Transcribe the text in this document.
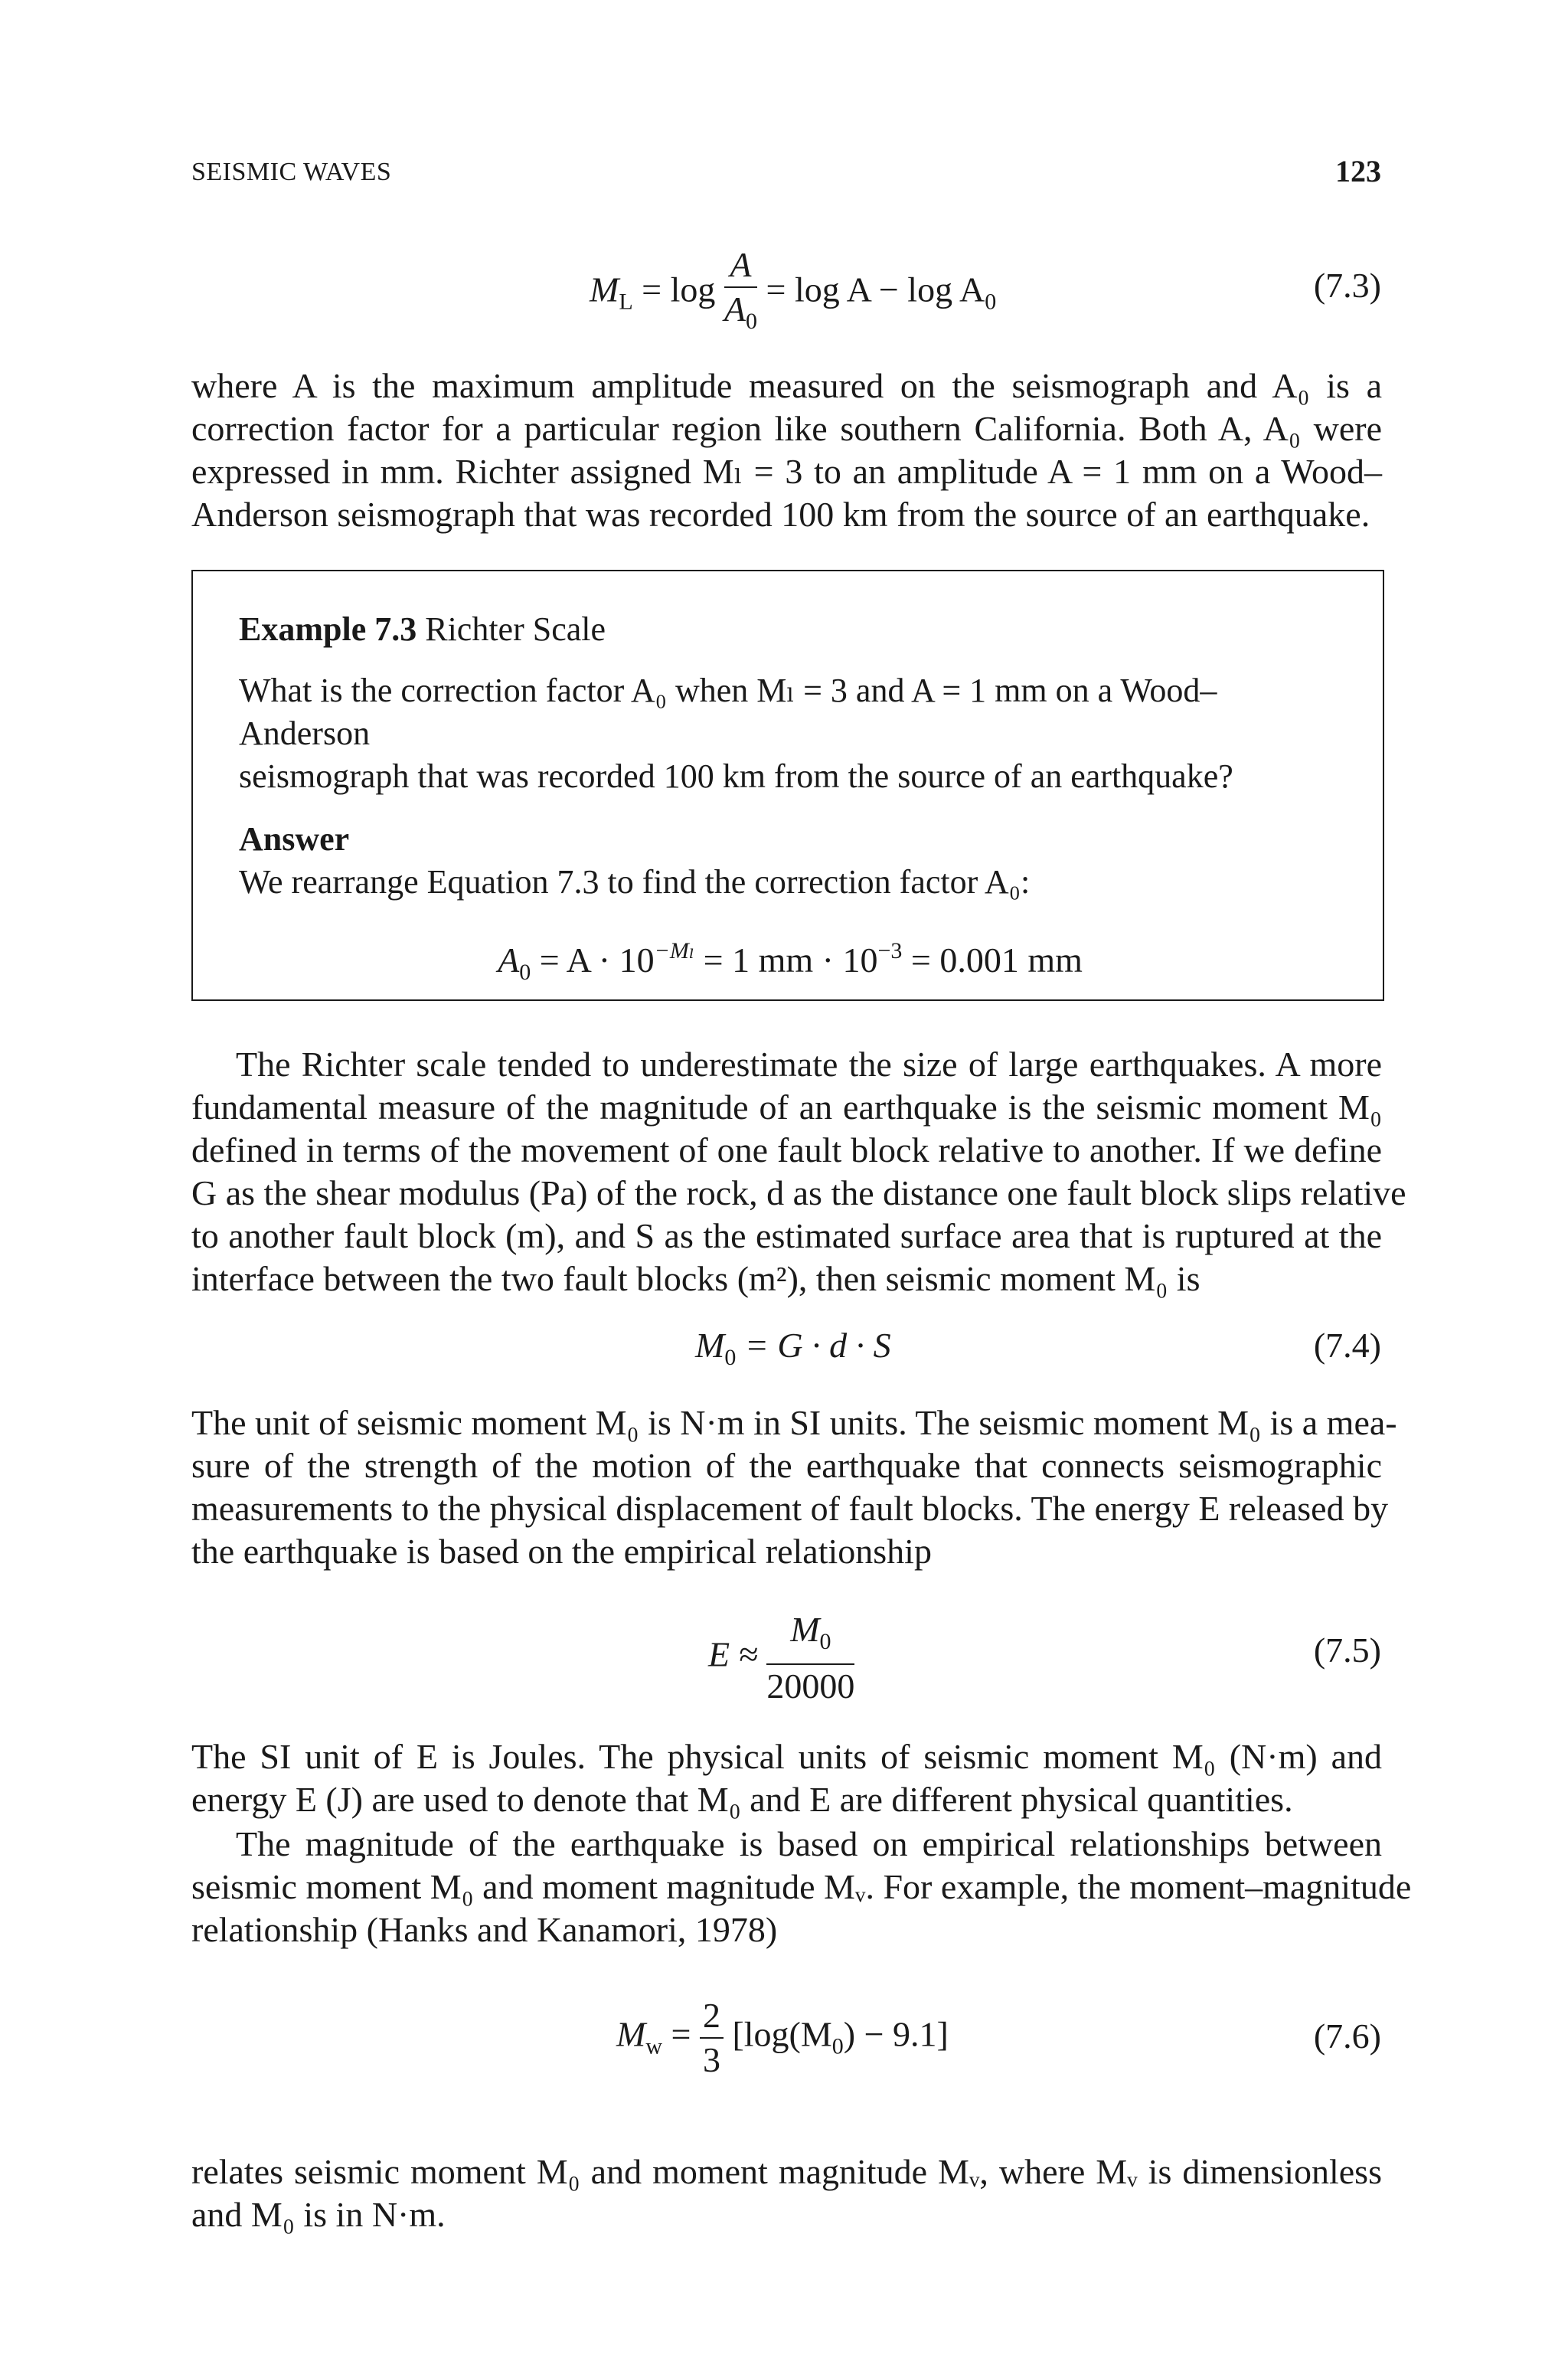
SEISMIC WAVES	123
$M_L = \log \frac{A}{A_0} = \log A - \log A_0$	(7.3)
where A is the maximum amplitude measured on the seismograph and A₀ is a
correction factor for a particular region like southern California. Both A, A₀ were
expressed in mm. Richter assigned Mₗ = 3 to an amplitude A = 1 mm on a Wood–
Anderson seismograph that was recorded 100 km from the source of an earthquake.
Example 7.3 Richter Scale
What is the correction factor A₀ when Mₗ = 3 and A = 1 mm on a Wood–Anderson
seismograph that was recorded 100 km from the source of an earthquake?
Answer
We rearrange Equation 7.3 to find the correction factor A₀:
$A_0 = A \cdot 10^{-M_l} = 1$ mm · $10^{-3} = 0.001$ mm
The Richter scale tended to underestimate the size of large earthquakes. A more
fundamental measure of the magnitude of an earthquake is the seismic moment M₀
defined in terms of the movement of one fault block relative to another. If we define
G as the shear modulus (Pa) of the rock, d as the distance one fault block slips relative
to another fault block (m), and S as the estimated surface area that is ruptured at the
interface between the two fault blocks (m²), then seismic moment M₀ is
$M_0 = G \cdot d \cdot S$	(7.4)
The unit of seismic moment M₀ is N·m in SI units. The seismic moment M₀ is a mea-
sure of the strength of the motion of the earthquake that connects seismographic
measurements to the physical displacement of fault blocks. The energy E released by
the earthquake is based on the empirical relationship
$E \approx \frac{M_0}{20000}$	(7.5)
The SI unit of E is Joules. The physical units of seismic moment M₀ (N·m) and
energy E (J) are used to denote that M₀ and E are different physical quantities.
The magnitude of the earthquake is based on empirical relationships between
seismic moment M₀ and moment magnitude Mᵥ. For example, the moment–magnitude
relationship (Hanks and Kanamori, 1978)
$M_w = \frac{2}{3} [\log(M_0) - 9.1]$	(7.6)
relates seismic moment M₀ and moment magnitude Mᵥ, where Mᵥ is dimensionless
and M₀ is in N·m.
